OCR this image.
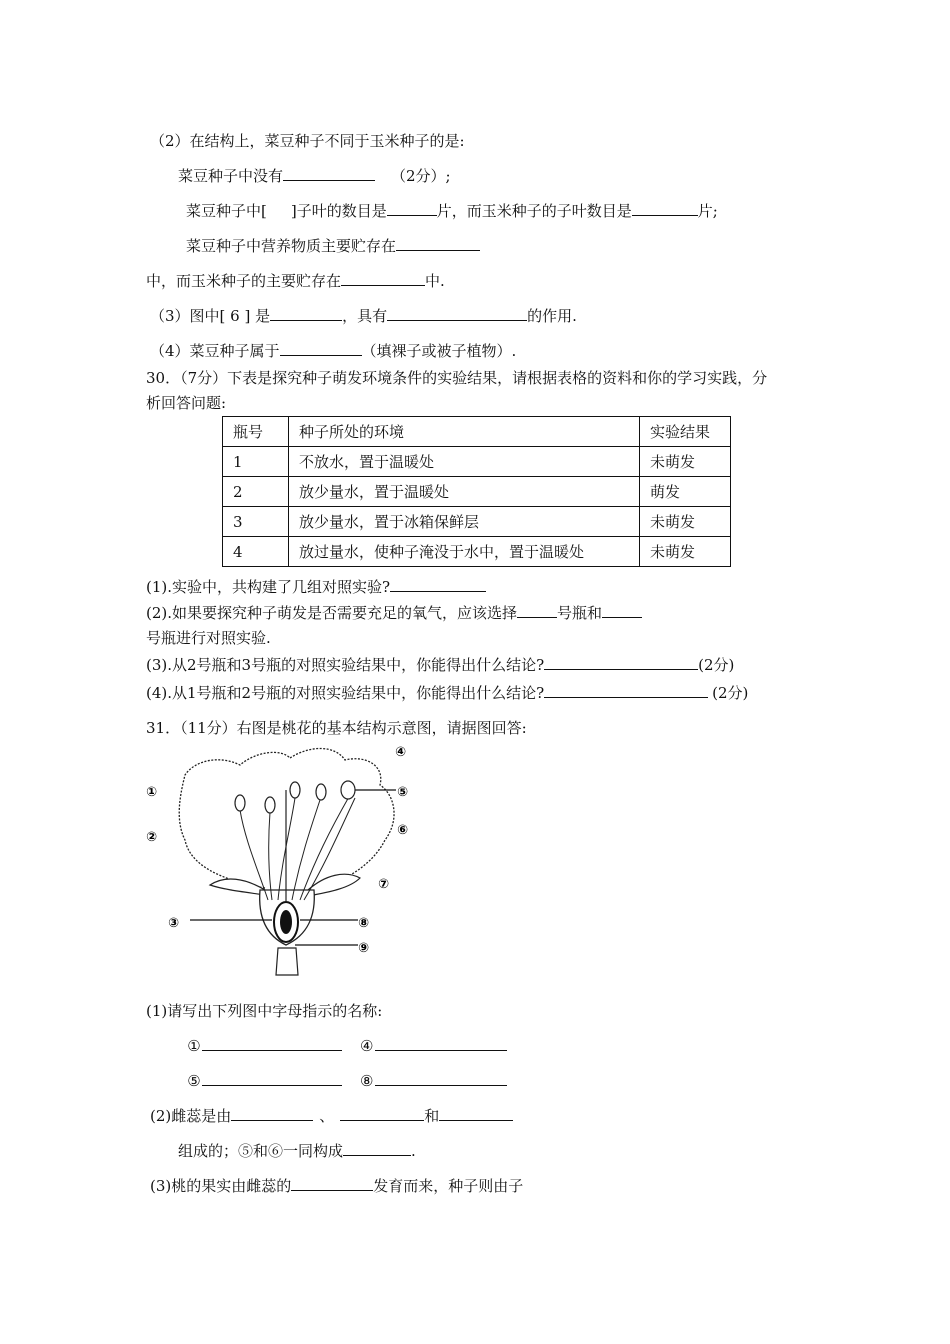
（2）在结构上，菜豆种子不同于玉米种子的是:
菜豆种子中没有	（2分）;
菜豆种子中[ ]子叶的数目是	片，而玉米种子的子叶数目是	片;
菜豆种子中营养物质主要贮存在
中，而玉米种子的主要贮存在	中.
（3）图中[ 6 ] 是	，具有	的作用.
（4）菜豆种子属于	（填裸子或被子植物）.
30．（7分）下表是探究种子萌发环境条件的实验结果，请根据表格的资料和你的学习实践，分
析回答问题:
瓶号	种子所处的环境	实验结果
1	不放水，置于温暖处	未萌发
2	放少量水，置于温暖处	萌发
3	放少量水，置于冰箱保鲜层	未萌发
4	放过量水，使种子淹没于水中，置于温暖处	未萌发
(1).实验中，共构建了几组对照实验?
(2).如果要探究种子萌发是否需要充足的氧气，应该选择	号瓶和
号瓶进行对照实验.
(3).从2号瓶和3号瓶的对照实验结果中，你能得出什么结论?	(2分)
(4).从1号瓶和2号瓶的对照实验结果中，你能得出什么结论?	(2分)
31．（11分）右图是桃花的基本结构示意图，请据图回答:
①
②
③
④
⑤
⑥
⑦
⑧
⑨
(1)请写出下列图中字母指示的名称:
①	④
⑤	⑧
(2)雌蕊是由	、	和
组成的；⑤和⑥一同构成	.
(3)桃的果实由雌蕊的	发育而来，种子则由子
